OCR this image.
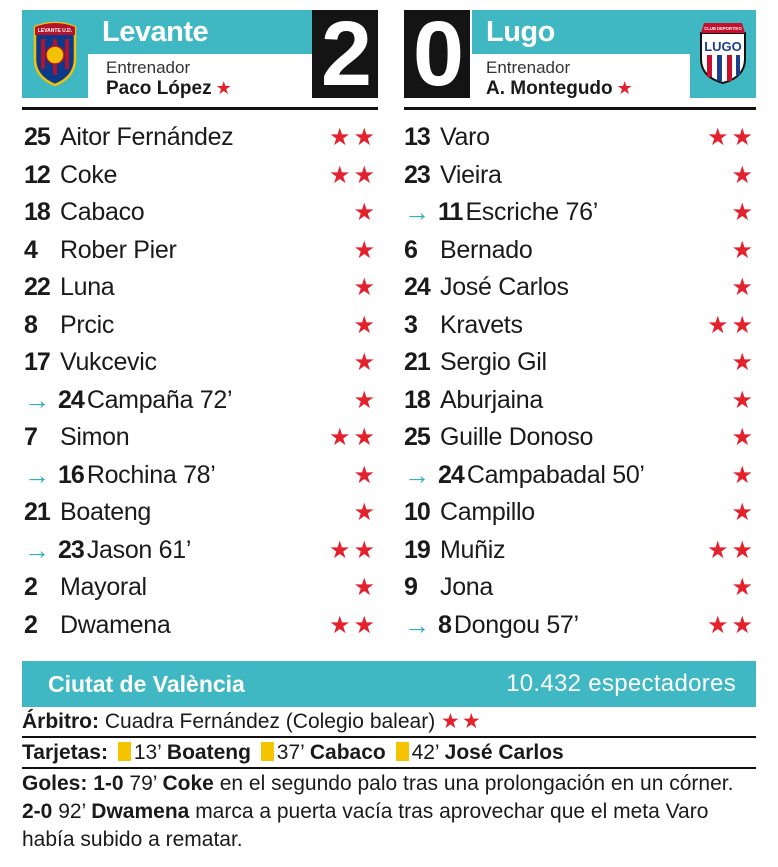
LEVANTE U.D.	Levante
Entrenador
Paco López ★ 2 0 Lugo
Entrenador
A. Montegudo ★
CLUB DEPORTIVO
LUGO
25 Aitor Fernández	★★
12 Coke	★★
18 Cabaco	★
4 Rober Pier	★
22 Luna	★
8 Prcic	★
17 Vukcevic	★
→ 24 Campaña 72’	★
7 Simon	★★
→ 16 Rochina 78’	★
21 Boateng	★
→ 23 Jason 61’	★★
2 Mayoral	★
2 Dwamena	★★
13 Varo	★★
23 Vieira	★
→ 11 Escriche 76’	★
6 Bernado	★
24 José Carlos	★
3 Kravets	★★
21 Sergio Gil	★
18 Aburjaina	★
25 Guille Donoso	★
→ 24 Campabadal 50’	★
10 Campillo	★
19 Muñiz	★★
9 Jona	★
→ 8 Dongou 57’	★★
Ciutat de València	10.432 espectadores
Árbitro: Cuadra Fernández (Colegio balear) ★★
Tarjetas: 13’ Boateng 37’ Cabaco 42’ José Carlos
Goles: 1-0 79’ Coke en el segundo palo tras una prolongación en un córner.
2-0 92’ Dwamena marca a puerta vacía tras aprovechar que el meta Varo
había subido a rematar.
